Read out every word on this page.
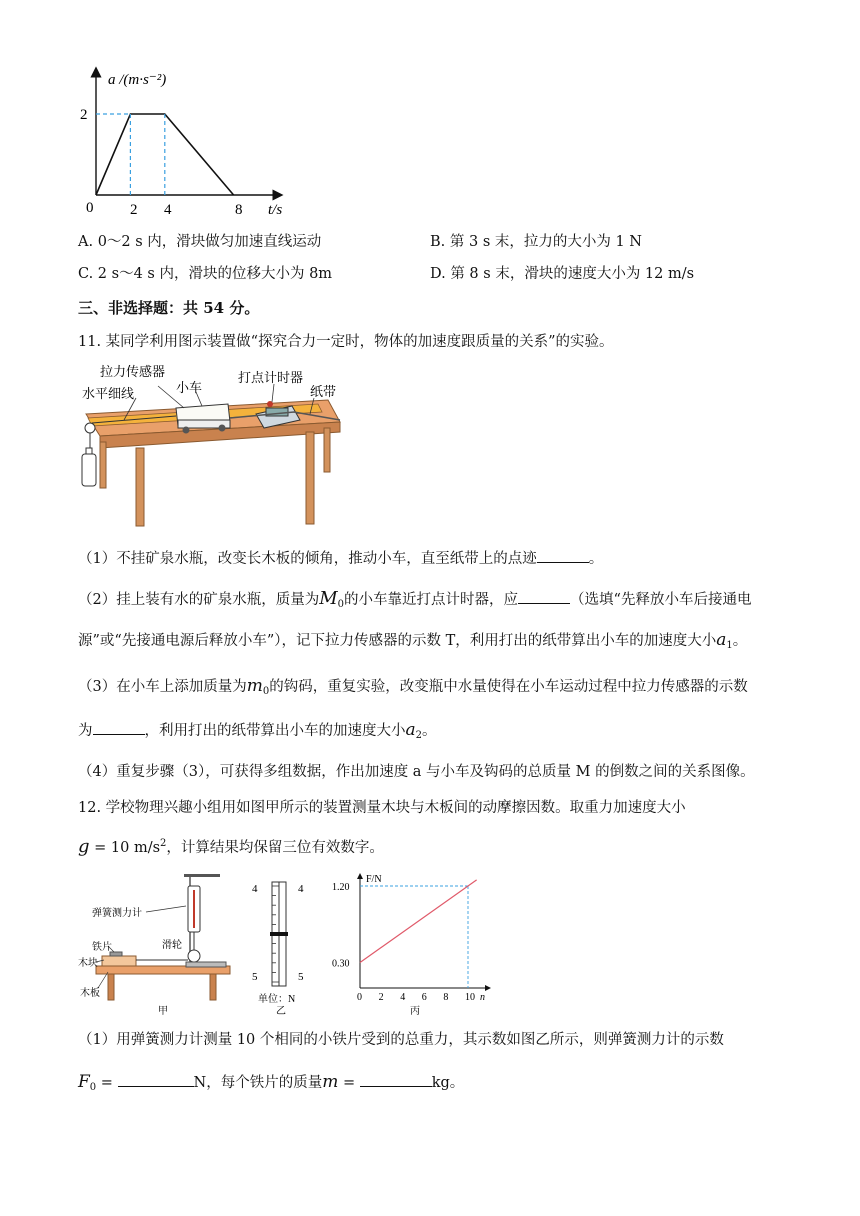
a /(m·s⁻²)
t/s
0 2 4	8
2
A. 0～2 s 内，滑块做匀加速直线运动	B. 第 3 s 末，拉力的大小为 1 N
C. 2 s～4 s 内，滑块的位移大小为 8m	D. 第 8 s 末，滑块的速度大小为 12 m/s
三、非选择题：共 54 分。
11. 某同学利用图示装置做“探究合力一定时，物体的加速度跟质量的关系”的实验。
拉力传感器
小车
打点计时器
水平细线	纸带
（1）不挂矿泉水瓶，改变长木板的倾角，推动小车，直至纸带上的点迹	。
（2）挂上装有水的矿泉水瓶，质量为$M_0$的小车靠近打点计时器，应	（选填“先释放小车后接通电
源”或“先接通电源后释放小车”），记下拉力传感器的示数 T，利用打出的纸带算出小车的加速度大小$a_1$。
（3）在小车上添加质量为$m_0$的钩码，重复实验，改变瓶中水量使得在小车运动过程中拉力传感器的示数
为	，利用打出的纸带算出小车的加速度大小$a_2$。
（4）重复步骤（3），可获得多组数据，作出加速度 a 与小车及钩码的总质量 M 的倒数之间的关系图像。
12. 学校物理兴趣小组用如图甲所示的装置测量木块与木板间的动摩擦因数。取重力加速度大小
g = 10 $m/s^2$，计算结果均保留三位有效数字。
弹簧测力计
铁片	滑轮
木块
木板
甲
4	4
5	5
单位：N
乙
0 2 4 6 8 10
0.30
1.20
F/N
n
丙
（1）用弹簧测力计测量 10 个相同的小铁片受到的总重力，其示数如图乙所示，则弹簧测力计的示数
$F_0$ =	N，每个铁片的质量m =	kg。
